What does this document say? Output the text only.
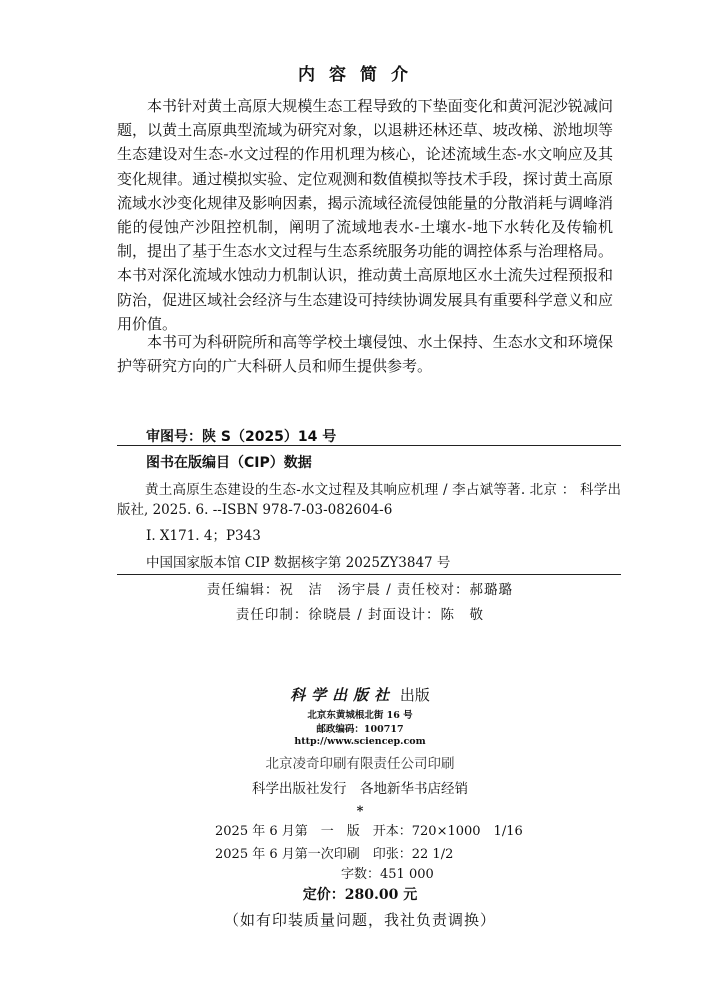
内容简介

本书针对黄土高原大规模生态工程导致的下垫面变化和黄河泥沙锐减问题，以黄土高原典型流域为研究对象，以退耕还林还草、坡改梯、淤地坝等生态建设对生态-水文过程的作用机理为核心，论述流域生态-水文响应及其变化规律。通过模拟实验、定位观测和数值模拟等技术手段，探讨黄土高原流域水沙变化规律及影响因素，揭示流域径流侵蚀能量的分散消耗与调峰消能的侵蚀产沙阻控机制，阐明了流域地表水-土壤水-地下水转化及传输机制，提出了基于生态水文过程与生态系统服务功能的调控体系与治理格局。本书对深化流域水蚀动力机制认识，推动黄土高原地区水土流失过程预报和防治，促进区域社会经济与生态建设可持续协调发展具有重要科学意义和应用价值。

本书可为科研院所和高等学校土壤侵蚀、水土保持、生态水文和环境保护等研究方向的广大科研人员和师生提供参考。

审图号：陕 S（2025）14 号
图书在版编目（CIP）数据
黄土高原生态建设的生态-水文过程及其响应机理 / 李占斌等著. 北京 ： 科学出版社, 2025. 6. --ISBN 978-7-03-082604-6
Ⅰ. X171. 4；P343
中国国家版本馆 CIP 数据核字第 2025ZY3847 号
责任编辑：祝　洁　汤宇晨 / 责任校对：郝璐璐
责任印制：徐晓晨 / 封面设计：陈　敬
科学出版社 出版
北京东黄城根北街 16 号
邮政编码：100717
http://www.sciencep.com
北京凌奇印刷有限责任公司印刷
科学出版社发行　各地新华书店经销
*
2025 年 6 月第　一　版　开本：720×1000　1/16
2025 年 6 月第一次印刷　印张：22 1/2
字数：451 000
定价：280.00 元
（如有印装质量问题，我社负责调换）
